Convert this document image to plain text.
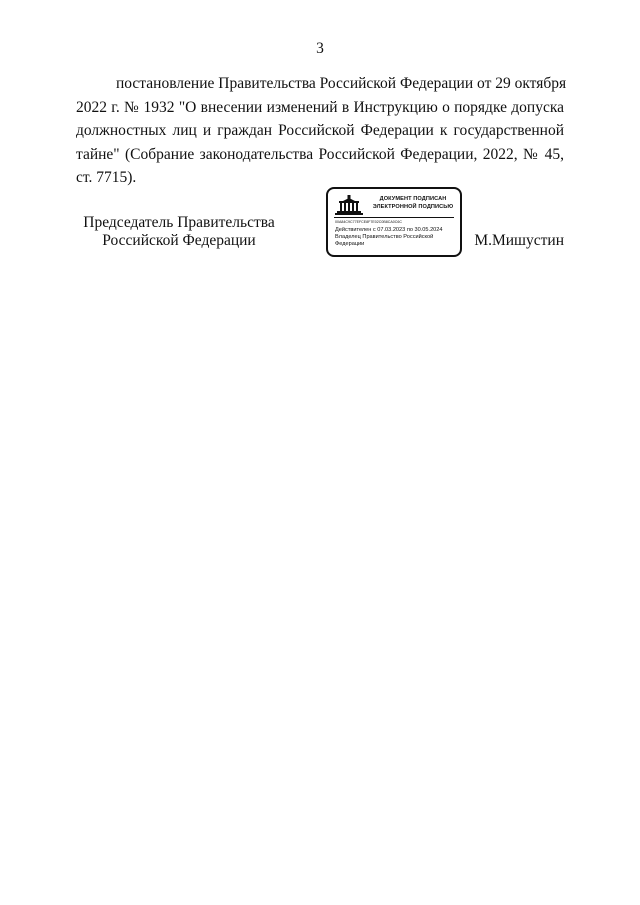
3
постановление Правительства Российской Федерации от 29 октября
2022 г. № 1932 "О внесении изменений в Инструкцию о порядке допуска
должностных лиц и граждан Российской Федерации к государственной
тайне" (Собрание законодательства Российской Федерации, 2022, № 45,
ст. 7715).
Председатель Правительства
Российской Федерации
ДОКУМЕНТ ПОДПИСАН
ЭЛЕКТРОННОЙ ПОДПИСЬЮ
00A84C9C77EFCE8F7E02C0B8CA0C6C
Действителен с 07.03.2023 по 30.05.2024
Владелец Правительство Российской Федерации	М.Мишустин
